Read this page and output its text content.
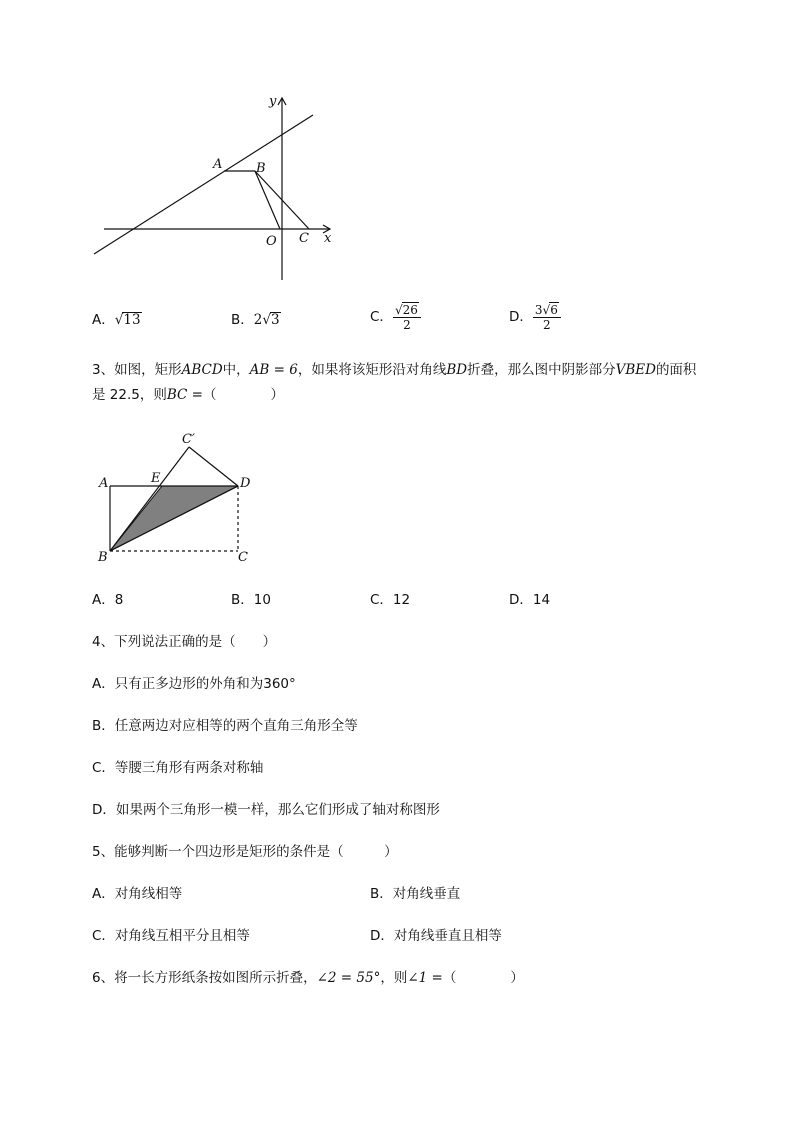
y
x
A	B
O C
A．√13	B．2√3	C． $\frac{√26}{2}$	D． $\frac{3√6}{2}$
3、如图，矩形ABCD中，AB = 6，如果将该矩形沿对角线BD折叠，那么图中阴影部分VBED的面积
是 22.5，则BC =（　　　　）
C′
A	E	D
B	C
A．8	B．10	C．12	D．14
4、下列说法正确的是（　　）
A．只有正多边形的外角和为360°
B．任意两边对应相等的两个直角三角形全等
C．等腰三角形有两条对称轴
D．如果两个三角形一模一样，那么它们形成了轴对称图形
5、能够判断一个四边形是矩形的条件是（　　　）
A．对角线相等	B．对角线垂直
C．对角线互相平分且相等	D．对角线垂直且相等
6、将一长方形纸条按如图所示折叠，∠2 = 55°，则∠1 =（　　　　）
